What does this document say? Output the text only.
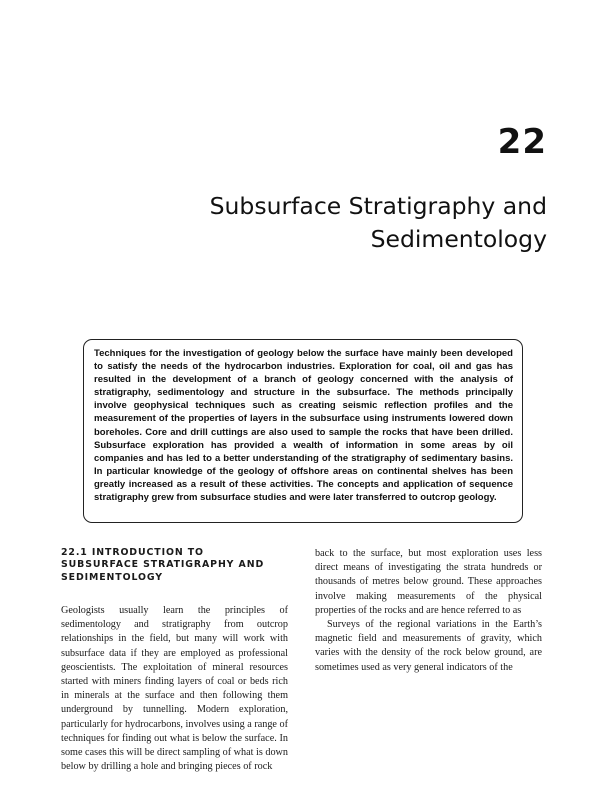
22
Subsurface Stratigraphy and
Sedimentology
Techniques for the investigation of geology below the surface have mainly been developed to satisfy the needs of the hydrocarbon industries. Exploration for coal, oil and gas has resulted in the development of a branch of geology concerned with the analysis of stratigraphy, sedimentology and structure in the subsurface. The methods principally involve geophysical techniques such as creating seismic reflection profiles and the measurement of the properties of layers in the subsurface using instruments lowered down boreholes. Core and drill cuttings are also used to sample the rocks that have been drilled. Subsurface exploration has provided a wealth of information in some areas by oil companies and has led to a better understanding of the stratigraphy of sedimentary basins. In particular knowledge of the geology of offshore areas on continental shelves has been greatly increased as a result of these activities. The concepts and application of sequence stratigraphy grew from subsurface studies and were later transferred to outcrop geology.
22.1 INTRODUCTION TO
SUBSURFACE STRATIGRAPHY AND
SEDIMENTOLOGY

Geologists usually learn the principles of sedimentology and stratigraphy from outcrop relationships in the field, but many will work with subsurface data if they are employed as professional geoscientists. The exploitation of mineral resources started with miners finding layers of coal or beds rich in minerals at the surface and then following them underground by tunnelling. Modern exploration, particularly for hydrocarbons, involves using a range of techniques for finding out what is below the surface. In some cases this will be direct sampling of what is down below by drilling a hole and bringing pieces of rock

back to the surface, but most exploration uses less direct means of investigating the strata hundreds or thousands of metres below ground. These approaches involve making measurements of the physical properties of the rocks and are hence referred to as

Surveys of the regional variations in the Earth’s magnetic field and measurements of gravity, which varies with the density of the rock below ground, are sometimes used as very general indicators of the
